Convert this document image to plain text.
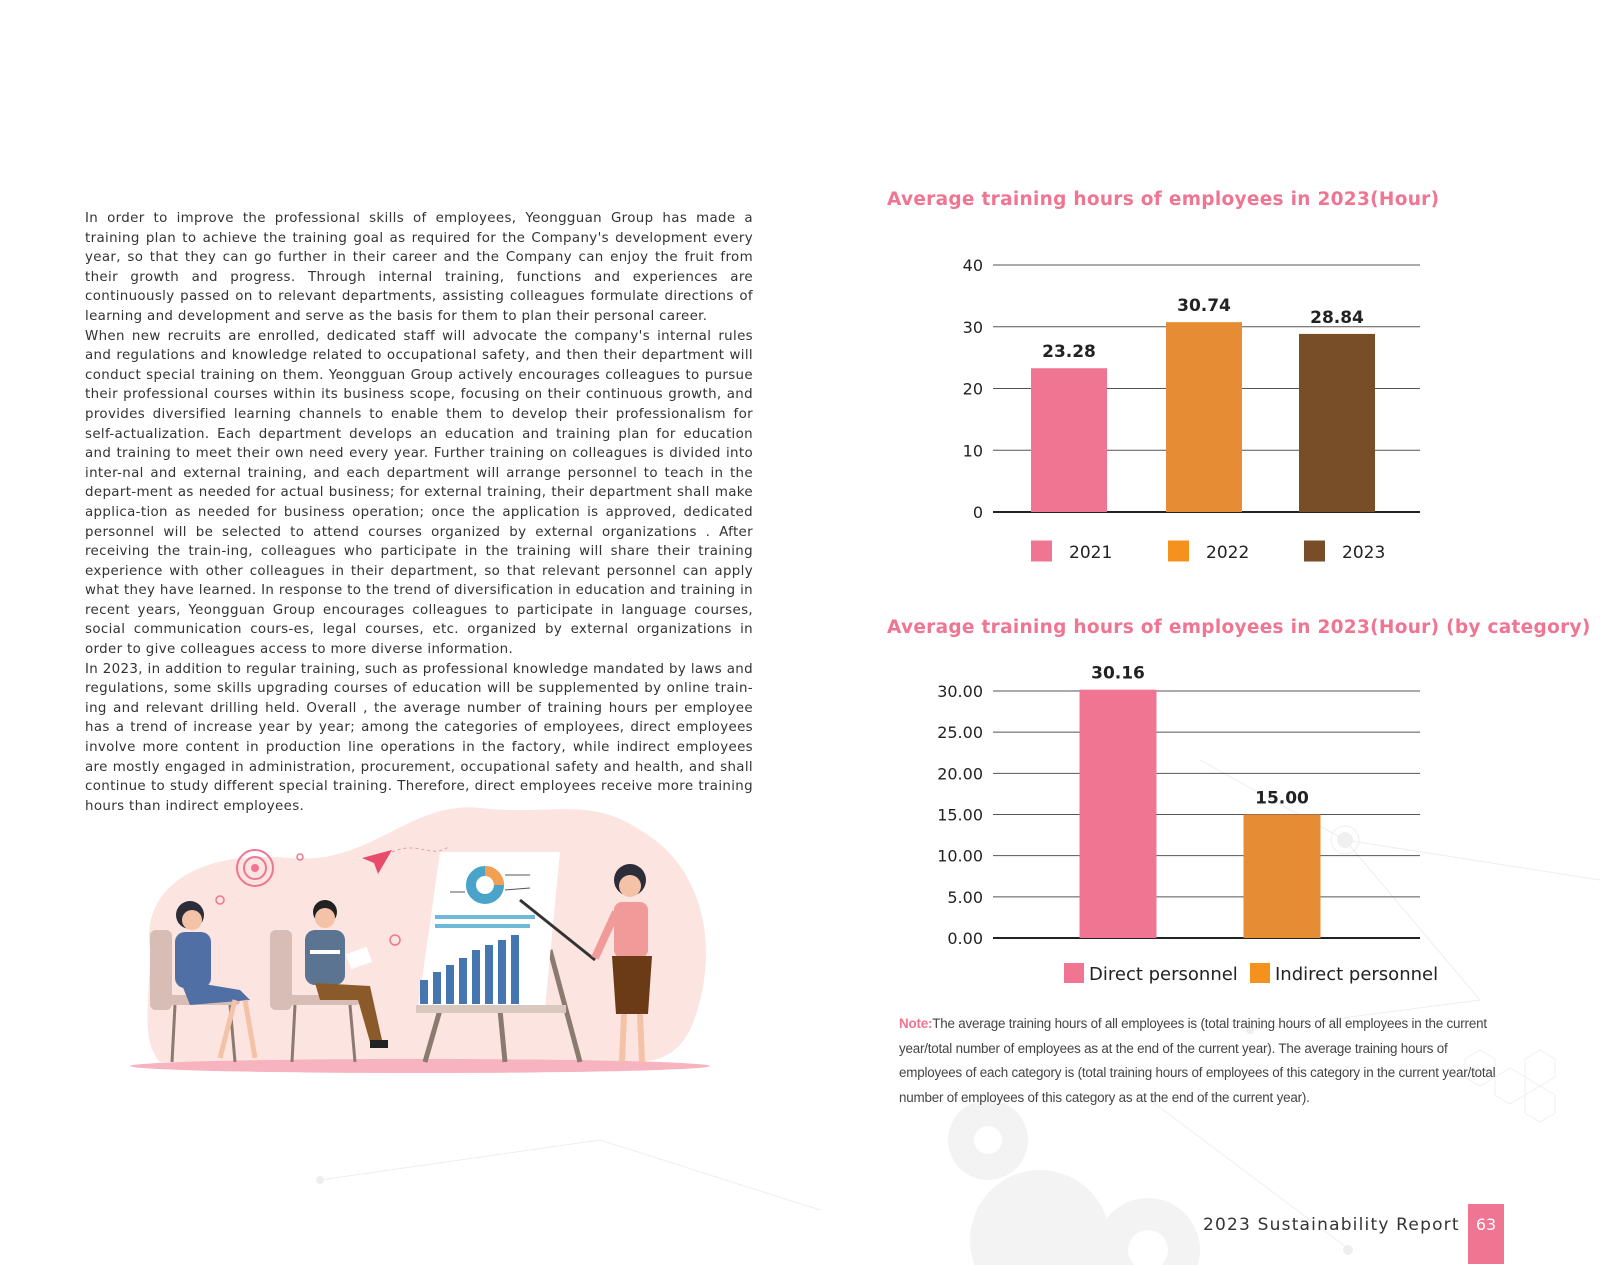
In order to improve the professional skills of employees, Yeongguan Group has made a training plan to achieve the training goal as required for the Company's development every year, so that they can go further in their career and the Company can enjoy the fruit from their growth and progress. Through internal training, functions and experiences are continuously passed on to relevant departments, assisting colleagues formulate directions of learning and development and serve as the basis for them to plan their personal career.

When new recruits are enrolled, dedicated staff will advocate the company's internal rules and regulations and knowledge related to occupational safety, and then their department will conduct special training on them. Yeongguan Group actively encourages colleagues to pursue their professional courses within its business scope, focusing on their continuous growth, and provides diversified learning channels to enable them to develop their professionalism for self-actualization. Each department develops an education and training plan for education and training to meet their own need every year. Further training on colleagues is divided into inter-nal and external training, and each department will arrange personnel to teach in the depart-ment as needed for actual business; for external training, their department shall make applica-tion as needed for business operation; once the application is approved, dedicated personnel will be selected to attend courses organized by external organizations . After receiving the train-ing, colleagues who participate in the training will share their training experience with other colleagues in their department, so that relevant personnel can apply what they have learned. In response to the trend of diversification in education and training in recent years, Yeongguan Group encourages colleagues to participate in language courses, social communication cours-es, legal courses, etc. organized by external organizations in order to give colleagues access to more diverse information.

In 2023, in addition to regular training, such as professional knowledge mandated by laws and regulations, some skills upgrading courses of education will be supplemented by online train-ing and relevant drilling held. Overall , the average number of training hours per employee has a trend of increase year by year; among the categories of employees, direct employees involve more content in production line operations in the factory, while indirect employees are mostly engaged in administration, procurement, occupational safety and health, and shall continue to study different special training. Therefore, direct employees receive more training hours than indirect employees.

Average training hours of employees in 2023(Hour)
0
10
20
30
40
23.28
30.74
28.84
2021	2022	2023
Average training hours of employees in 2023(Hour) (by category)
0.00
5.00
10.00
15.00
20.00
25.00
30.00
30.16
15.00
Direct personnel Indirect personnel
Note:The average training hours of all employees is (total training hours of all employees in the current year/total number of employees as at the end of the current year). The average training hours of employees of each category is (total training hours of employees of this category in the current year/total number of employees of this category as at the end of the current year).
2023 Sustainability Report	63
